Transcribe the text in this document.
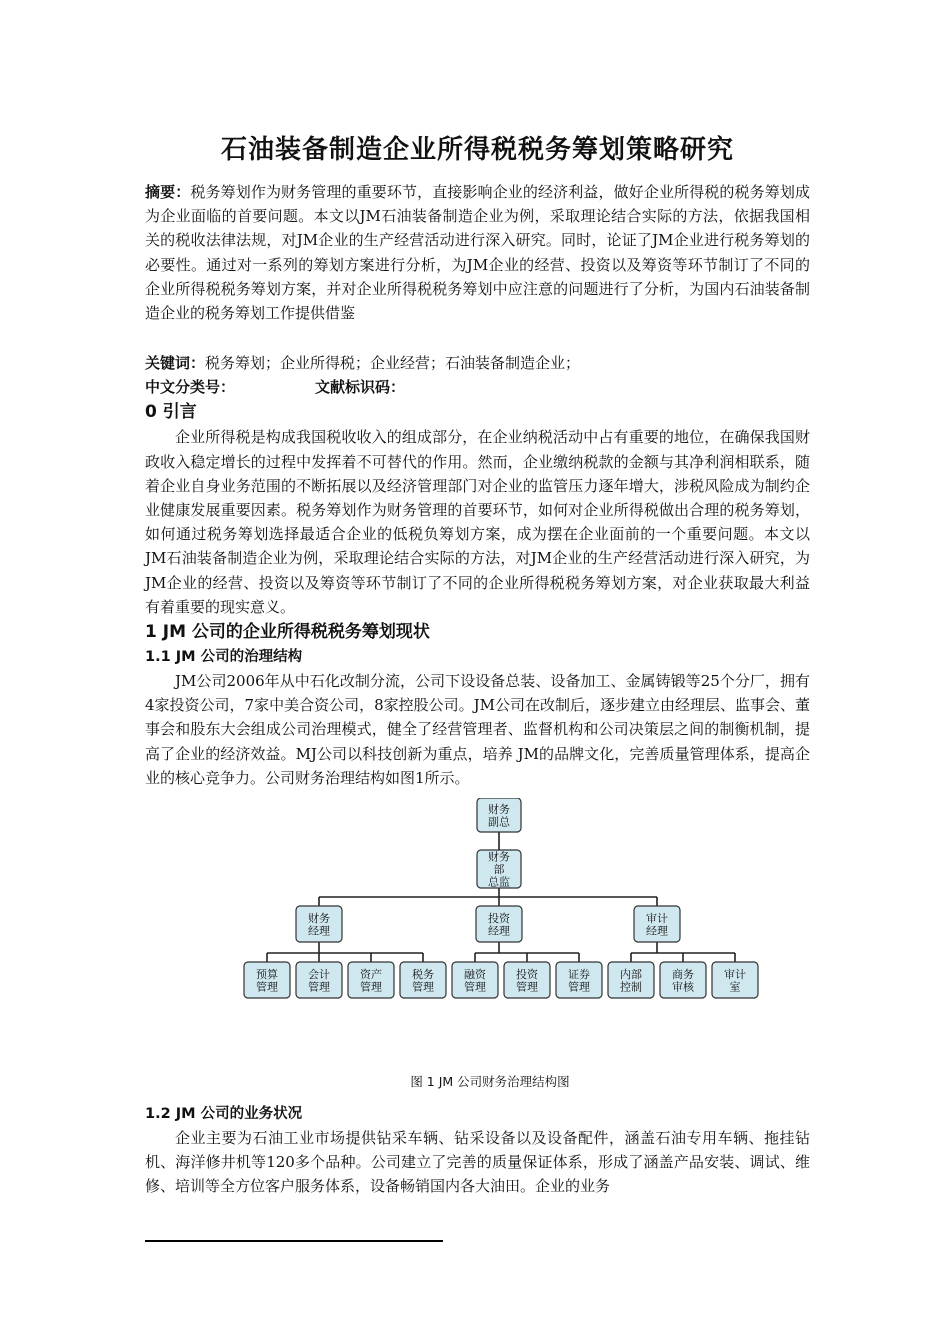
石油装备制造企业所得税税务筹划策略研究

摘要：税务筹划作为财务管理的重要环节，直接影响企业的经济利益，做好企业所得税的税务筹划成为企业面临的首要问题。本文以JM石油装备制造企业为例，采取理论结合实际的方法，依据我国相关的税收法律法规，对JM企业的生产经营活动进行深入研究。同时，论证了JM企业进行税务筹划的必要性。通过对一系列的筹划方案进行分析，为JM企业的经营、投资以及筹资等环节制订了不同的企业所得税税务筹划方案，并对企业所得税税务筹划中应注意的问题进行了分析，为国内石油装备制造企业的税务筹划工作提供借鉴

关键词：税务筹划；企业所得税；企业经营；石油装备制造企业；

中文分类号：	文献标识码：

0 引言

企业所得税是构成我国税收收入的组成部分，在企业纳税活动中占有重要的地位，在确保我国财政收入稳定增长的过程中发挥着不可替代的作用。然而，企业缴纳税款的金额与其净利润相联系，随着企业自身业务范围的不断拓展以及经济管理部门对企业的监管压力逐年增大，涉税风险成为制约企业健康发展重要因素。税务筹划作为财务管理的首要环节，如何对企业所得税做出合理的税务筹划，如何通过税务筹划选择最适合企业的低税负筹划方案，成为摆在企业面前的一个重要问题。本文以JM石油装备制造企业为例，采取理论结合实际的方法，对JM企业的生产经营活动进行深入研究，为JM企业的经营、投资以及筹资等环节制订了不同的企业所得税税务筹划方案，对企业获取最大利益有着重要的现实意义。

1 JM 公司的企业所得税税务筹划现状
1.1 JM 公司的治理结构

JM公司2006年从中石化改制分流，公司下设设备总装、设备加工、金属铸锻等25个分厂，拥有4家投资公司，7家中美合资公司，8家控股公司。JM公司在改制后，逐步建立由经理层、监事会、董事会和股东大会组成公司治理模式，健全了经营管理者、监督机构和公司决策层之间的制衡机制，提高了企业的经济效益。MJ公司以科技创新为重点，培养 JM的品牌文化，完善质量管理体系，提高企业的核心竞争力。公司财务治理结构如图1所示。

财务
副总
财务
部
总监
财务
经理
投资
经理
审计
经理
预算
管理
会计
管理
资产
管理
税务
管理
融资
管理
投资
管理
证券
管理
内部
控制
商务
审核
审计
室

图 1 JM 公司财务治理结构图

1.2 JM 公司的业务状况

企业主要为石油工业市场提供钻采车辆、钻采设备以及设备配件，涵盖石油专用车辆、拖挂钻机、海洋修井机等120多个品种。公司建立了完善的质量保证体系，形成了涵盖产品安装、调试、维修、培训等全方位客户服务体系，设备畅销国内各大油田。企业的业务
